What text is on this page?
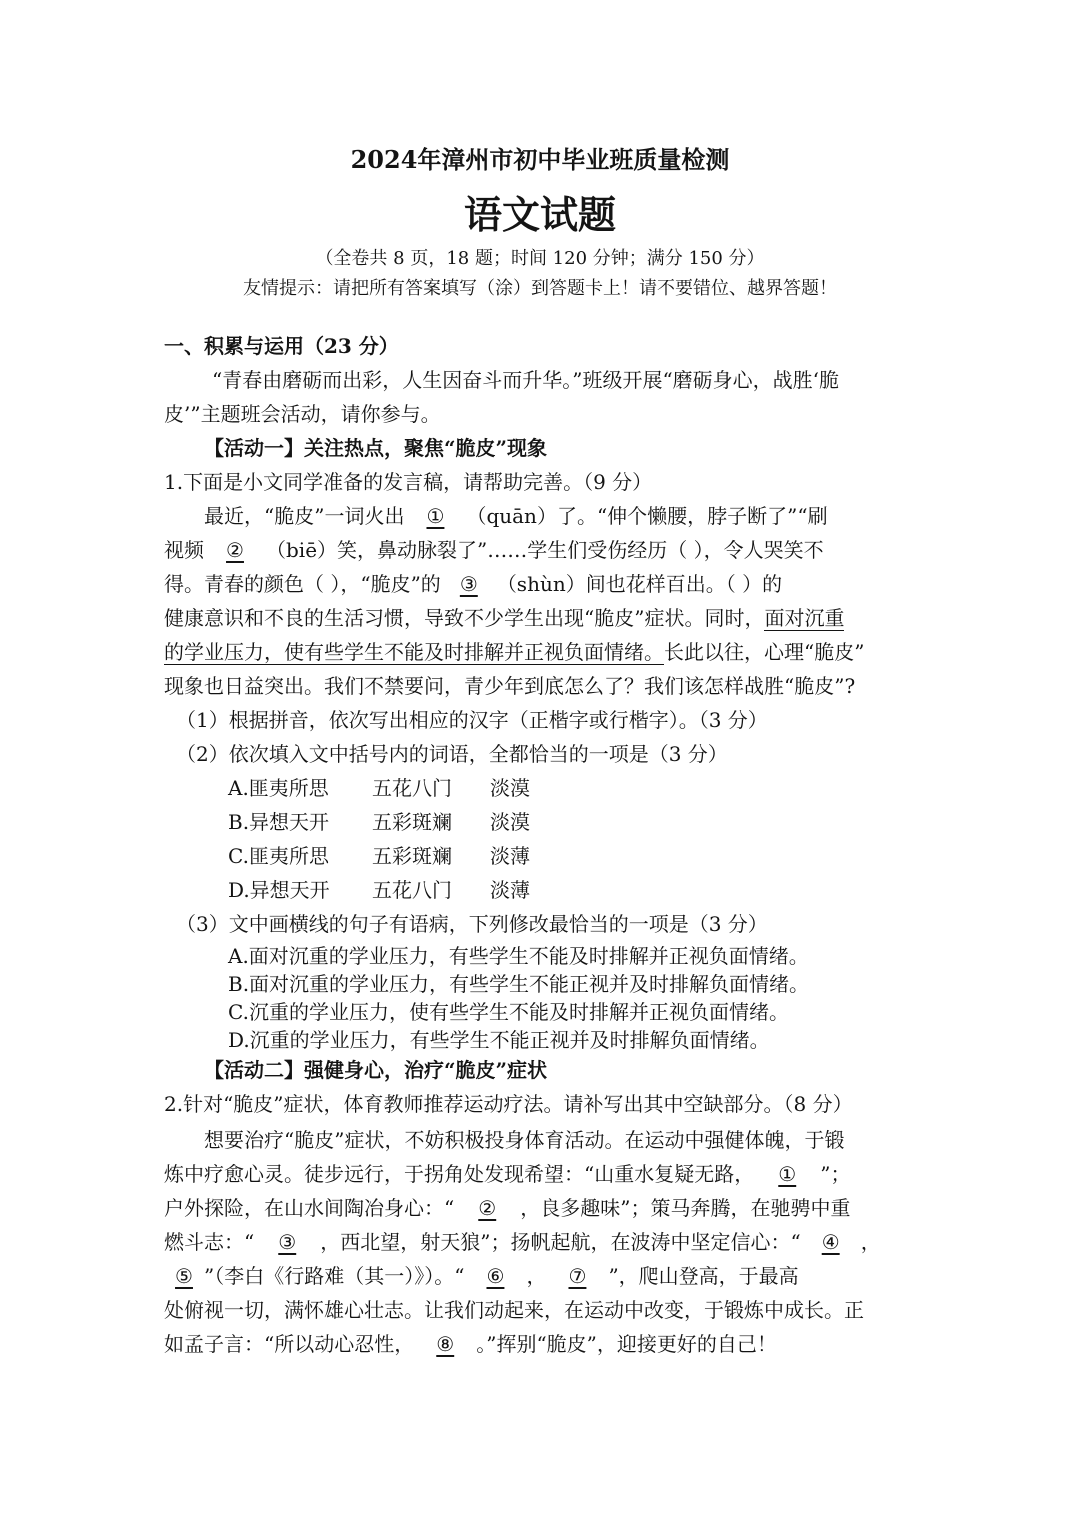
2024年漳州市初中毕业班质量检测
语文试题
（全卷共 8 页，18 题；时间 120 分钟；满分 150 分）
友情提示：请把所有答案填写（涂）到答题卡上！请不要错位、越界答题！
一、积累与运用（23 分）
“青春由磨砺而出彩，人生因奋斗而升华。”班级开展“磨砺身心，战胜‘脆
皮’”主题班会活动，请你参与。
【活动一】关注热点，聚焦“脆皮”现象
1.下面是小文同学准备的发言稿，请帮助完善。（9 分）
最近，“脆皮”一词火出 ① （quān）了。“伸个懒腰，脖子断了”“刷
视频 ② （biē）笑，鼻动脉裂了”……学生们受伤经历（ ），令人哭笑不
得。青春的颜色（ ），“脆皮”的 ③ （shùn）间也花样百出。（ ）的
健康意识和不良的生活习惯，导致不少学生出现“脆皮”症状。同时，面对沉重
的学业压力，使有些学生不能及时排解并正视负面情绪。长此以往，心理“脆皮”
现象也日益突出。我们不禁要问，青少年到底怎么了？我们该怎样战胜“脆皮”?
（1）根据拼音，依次写出相应的汉字（正楷字或行楷字）。（3 分）
（2）依次填入文中括号内的词语，全都恰当的一项是（3 分）
A.匪夷所思 五花八门 淡漠
B.异想天开 五彩斑斓 淡漠
C.匪夷所思 五彩斑斓 淡薄
D.异想天开 五花八门 淡薄
（3）文中画横线的句子有语病，下列修改最恰当的一项是（3 分）
A.面对沉重的学业压力，有些学生不能及时排解并正视负面情绪。
B.面对沉重的学业压力，有些学生不能正视并及时排解负面情绪。
C.沉重的学业压力，使有些学生不能及时排解并正视负面情绪。
D.沉重的学业压力，有些学生不能正视并及时排解负面情绪。
【活动二】强健身心，治疗“脆皮”症状
2.针对“脆皮”症状，体育教师推荐运动疗法。请补写出其中空缺部分。（8 分）
想要治疗“脆皮”症状，不妨积极投身体育活动。在运动中强健体魄，于锻
炼中疗愈心灵。徒步远行，于拐角处发现希望：“山重水复疑无路， ① ”；
户外探险，在山水间陶冶身心：“ ② ，良多趣味”；策马奔腾，在驰骋中重
燃斗志：“ ③ ，西北望，射天狼”；扬帆起航，在波涛中坚定信心：“ ④ ，
⑤ ”（李白《行路难（其一）》）。“ ⑥ ， ⑦ ”，爬山登高，于最高
处俯视一切，满怀雄心壮志。让我们动起来，在运动中改变，于锻炼中成长。正
如孟子言：“所以动心忍性， ⑧ 。”挥别“脆皮”，迎接更好的自己！
